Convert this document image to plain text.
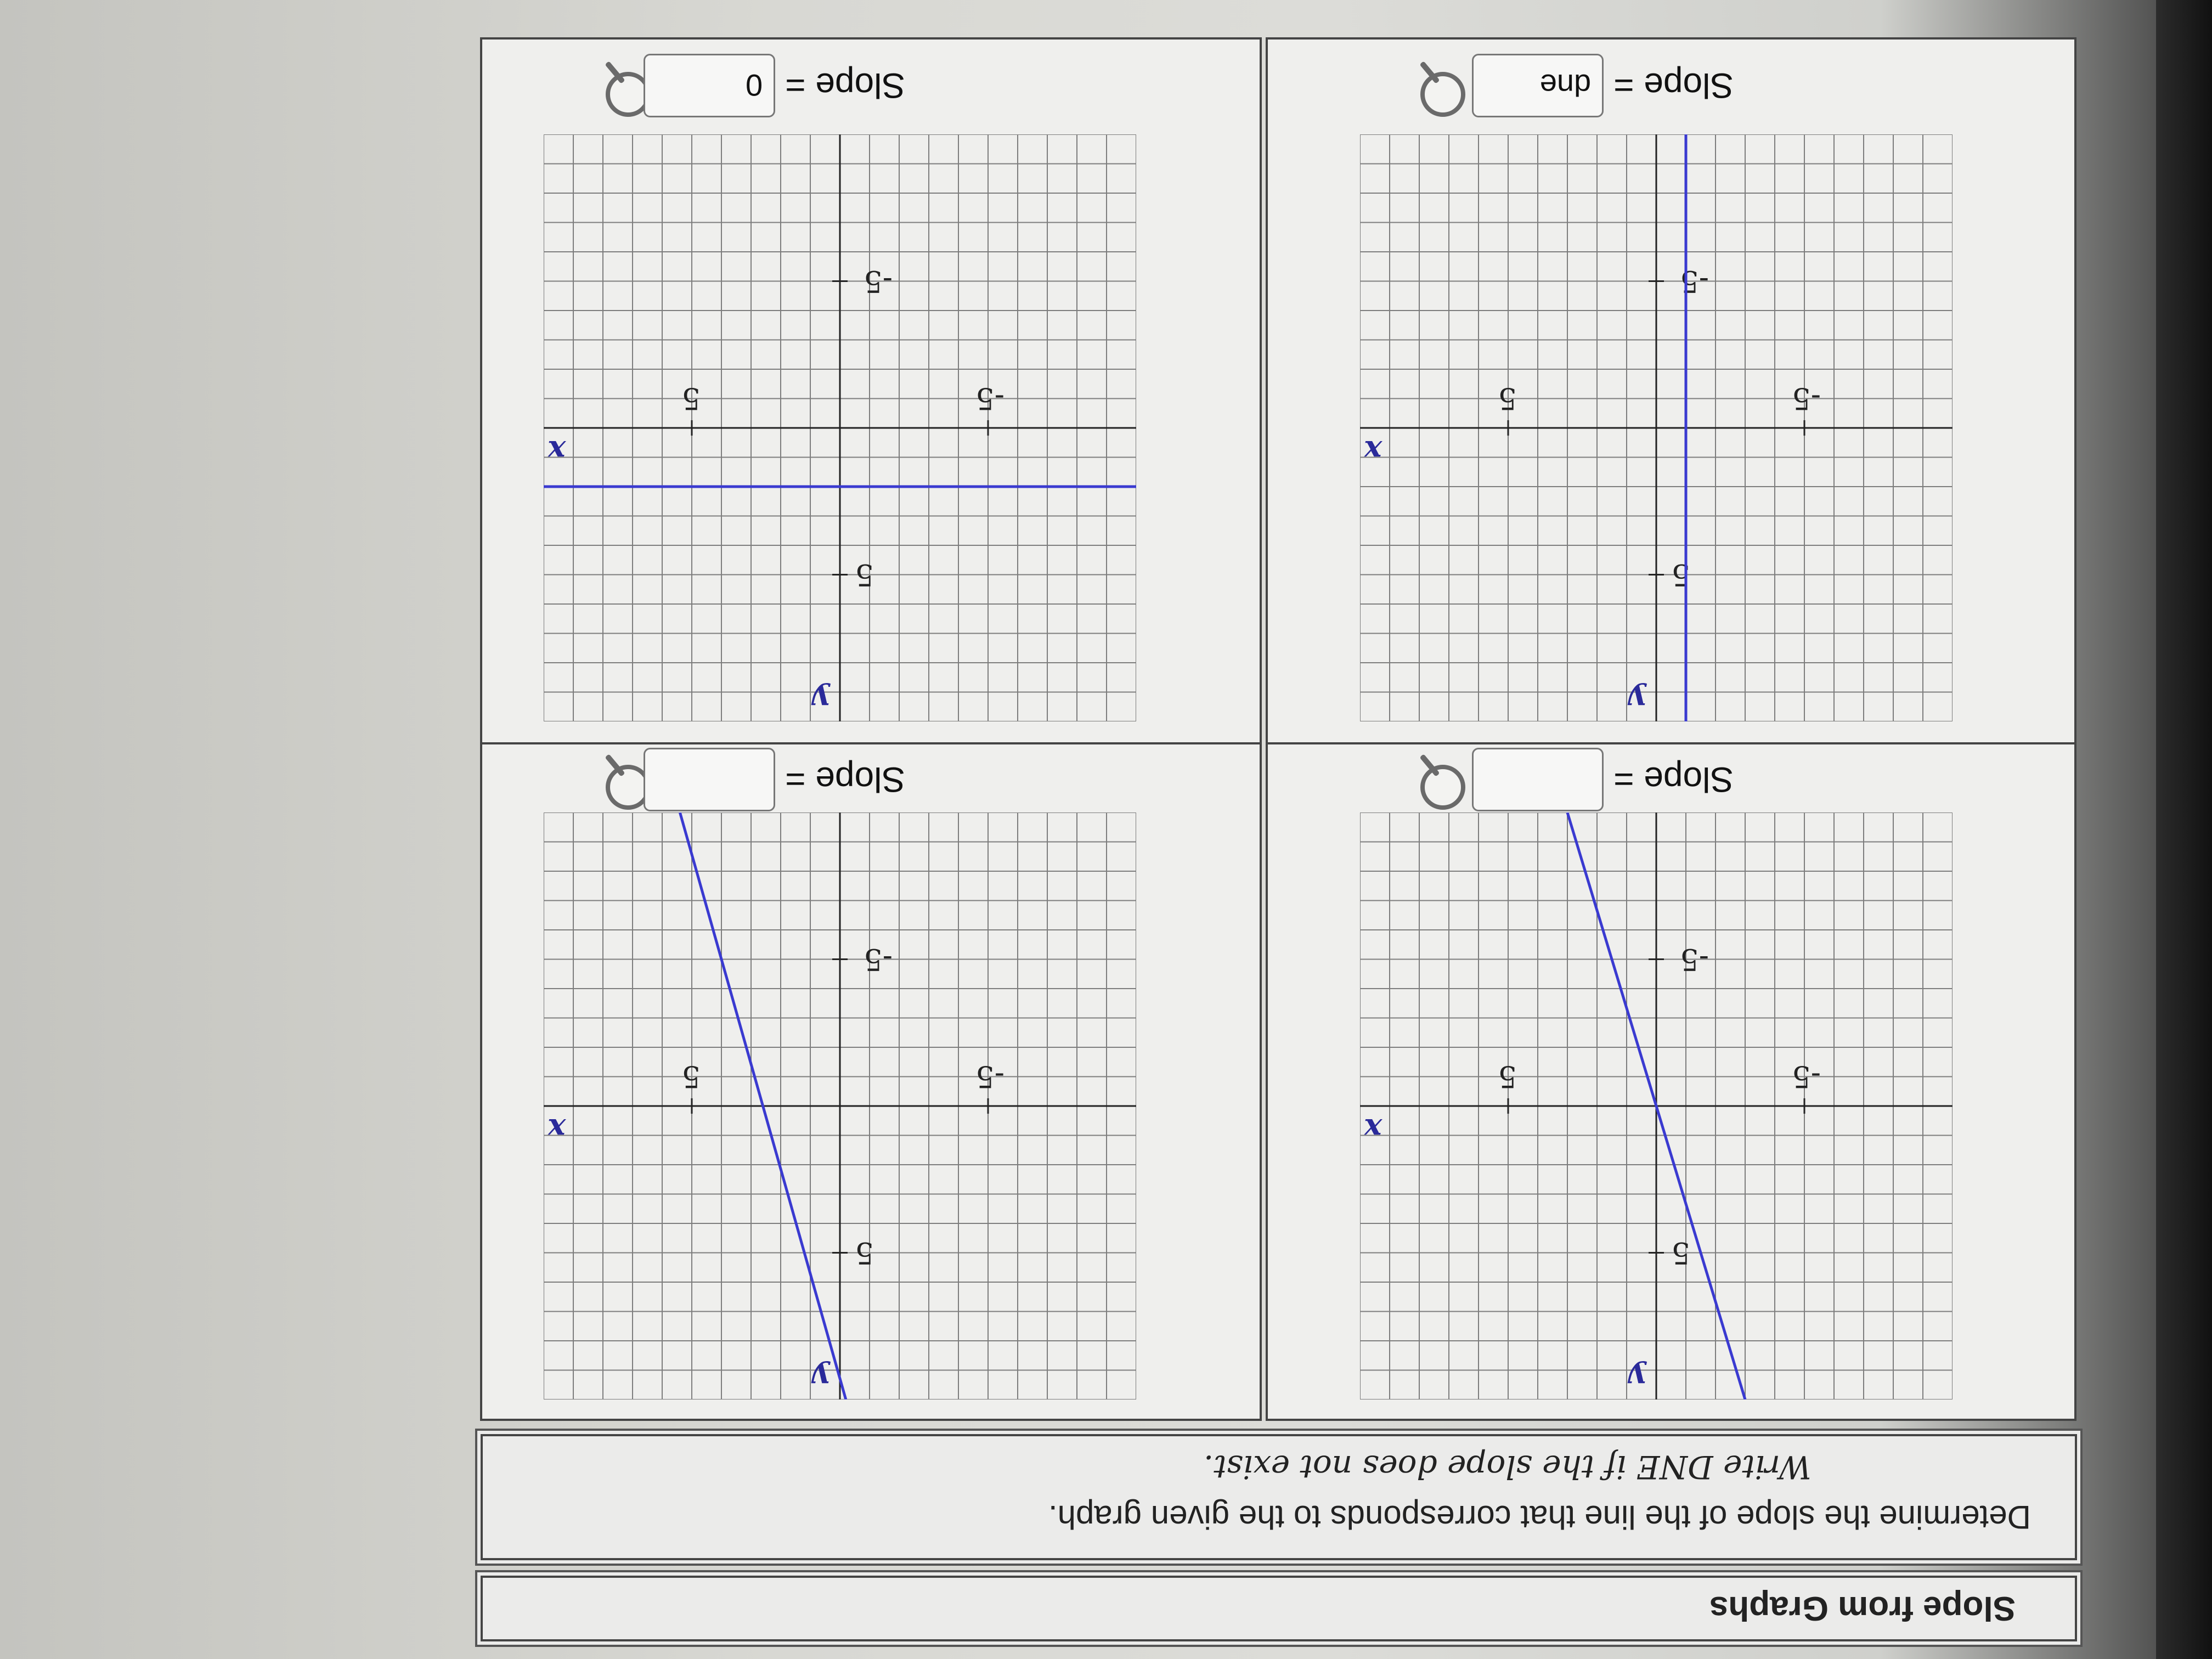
Slope from Graphs
Determine the slope of the line that corresponds to the given graph.
Write DNE if the slope does not exist.
-5
5
5
-5
x
y
-5
5
5
-5
x
y
-5
5
5
-5
x
y
-5
5
5
-5
x
y
Slope =
Slope =
Slope =
dne
Slope =
0
